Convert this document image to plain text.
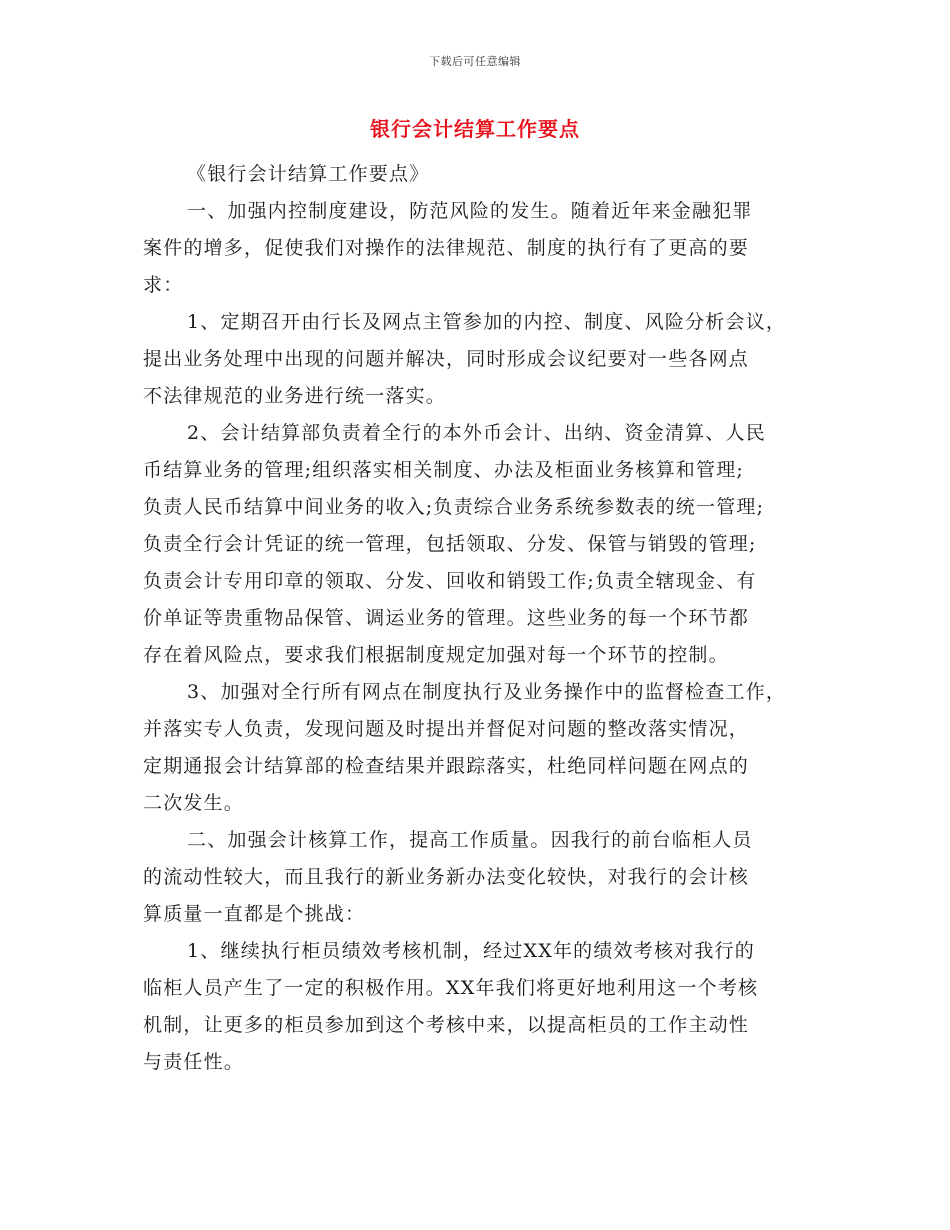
下载后可任意编辑
银行会计结算工作要点
《银行会计结算工作要点》
一、加强内控制度建设，防范风险的发生。随着近年来金融犯罪
案件的增多，促使我们对操作的法律规范、制度的执行有了更高的要
求：
1、定期召开由行长及网点主管参加的内控、制度、风险分析会议，
提出业务处理中出现的问题并解决，同时形成会议纪要对一些各网点
不法律规范的业务进行统一落实。
2、会计结算部负责着全行的本外币会计、出纳、资金清算、人民
币结算业务的管理;组织落实相关制度、办法及柜面业务核算和管理;
负责人民币结算中间业务的收入;负责综合业务系统参数表的统一管理;
负责全行会计凭证的统一管理，包括领取、分发、保管与销毁的管理;
负责会计专用印章的领取、分发、回收和销毁工作;负责全辖现金、有
价单证等贵重物品保管、调运业务的管理。这些业务的每一个环节都
存在着风险点，要求我们根据制度规定加强对每一个环节的控制。
3、加强对全行所有网点在制度执行及业务操作中的监督检查工作，
并落实专人负责，发现问题及时提出并督促对问题的整改落实情况，
定期通报会计结算部的检查结果并跟踪落实，杜绝同样问题在网点的
二次发生。
二、加强会计核算工作，提高工作质量。因我行的前台临柜人员
的流动性较大，而且我行的新业务新办法变化较快，对我行的会计核
算质量一直都是个挑战：
1、继续执行柜员绩效考核机制，经过XX年的绩效考核对我行的
临柜人员产生了一定的积极作用。XX年我们将更好地利用这一个考核
机制，让更多的柜员参加到这个考核中来，以提高柜员的工作主动性
与责任性。
